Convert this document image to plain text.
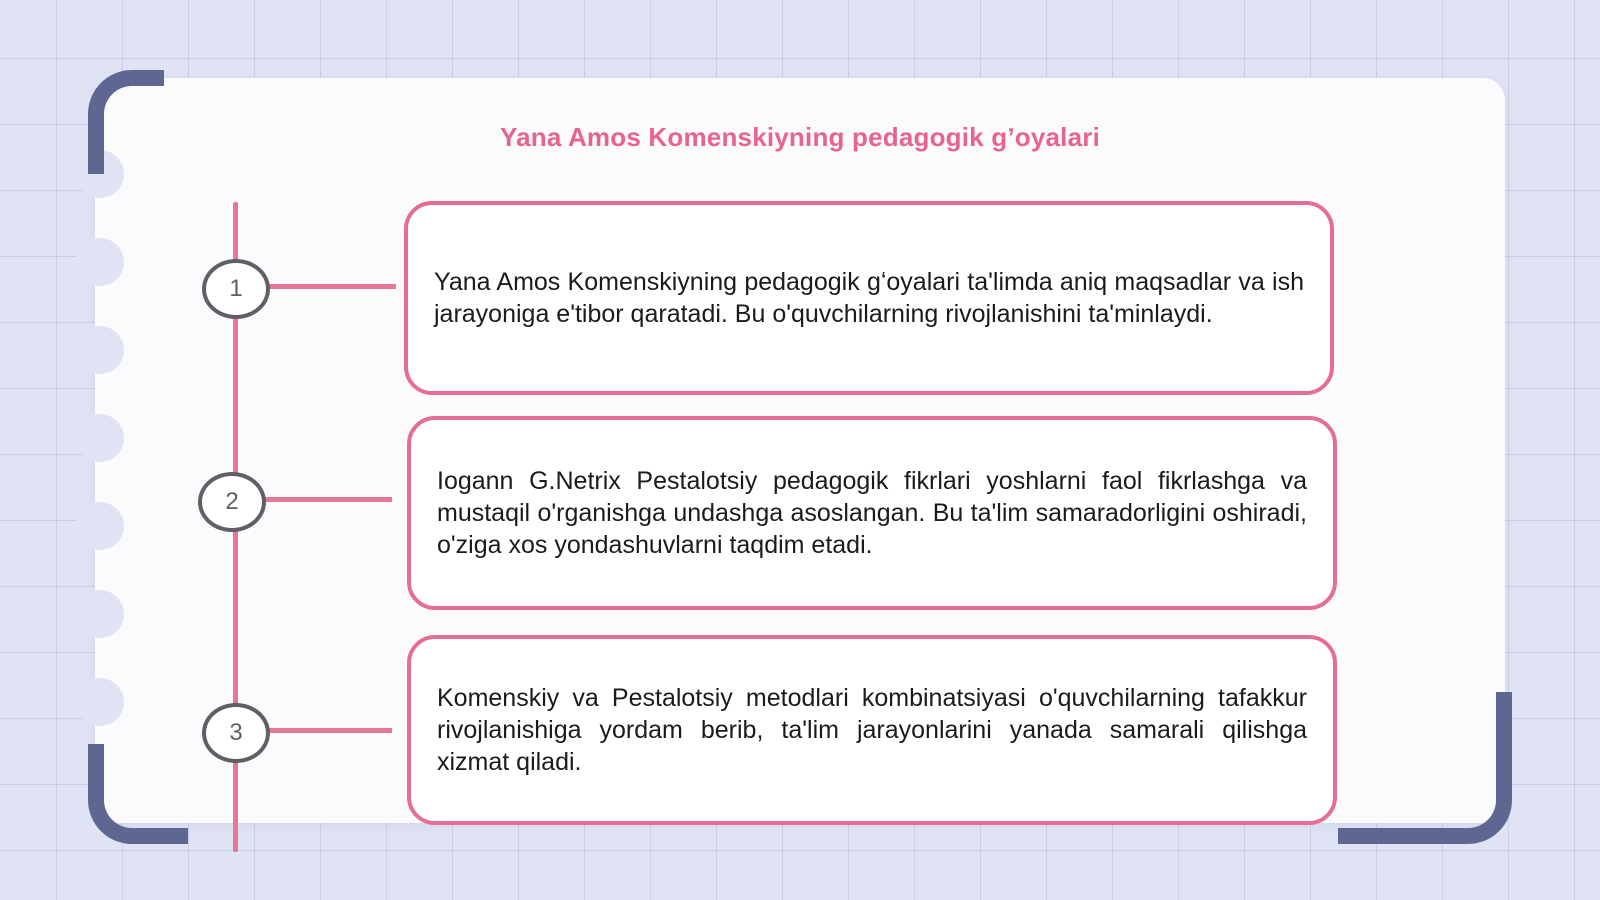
Yana Amos Komenskiyning pedagogik gʼoyalari
1	Yana Amos Komenskiyning pedagogik gʻoyalari ta'limda aniq maqsadlar va ish jarayoniga e'tibor qaratadi. Bu o'quvchilarning rivojlanishini ta'minlaydi.

2

Iogann G.Netrix Pestalotsiy pedagogik fikrlari yoshlarni faol fikrlashga va mustaqil o'rganishga undashga asoslangan. Bu ta'lim samaradorligini oshiradi, o'ziga xos yondashuvlarni taqdim etadi.

3

Komenskiy va Pestalotsiy metodlari kombinatsiyasi o'quvchilarning tafakkur rivojlanishiga yordam berib, ta'lim jarayonlarini yanada samarali qilishga xizmat qiladi.
